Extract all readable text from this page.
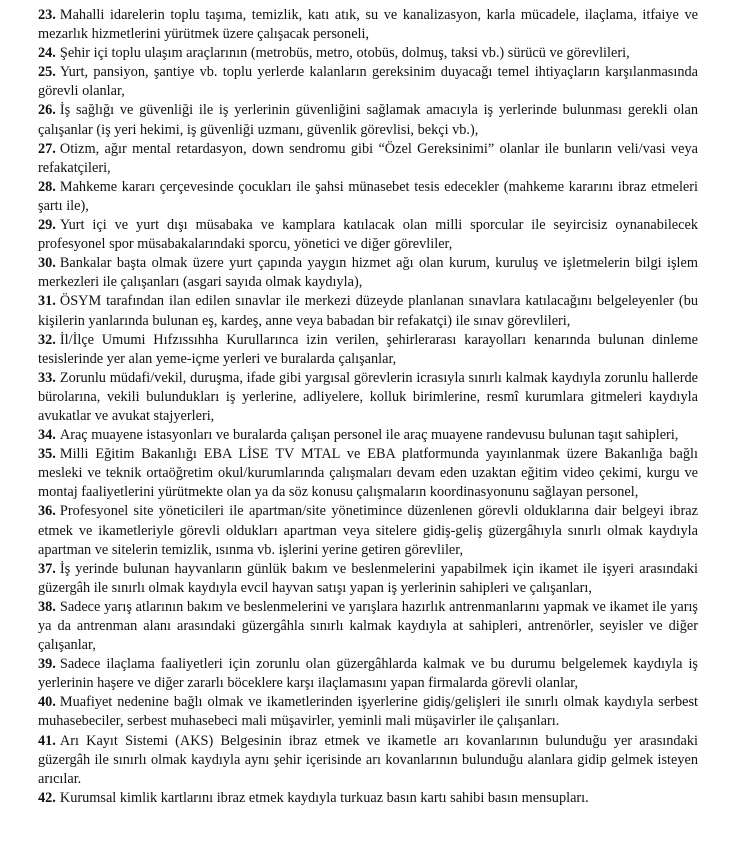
23. Mahalli idarelerin toplu taşıma, temizlik, katı atık, su ve kanalizasyon, karla mücadele, ilaçlama, itfaiye ve mezarlık hizmetlerini yürütmek üzere çalışacak personeli,

24. Şehir içi toplu ulaşım araçlarının (metrobüs, metro, otobüs, dolmuş, taksi vb.) sürücü ve görevlileri,

25. Yurt, pansiyon, şantiye vb. toplu yerlerde kalanların gereksinim duyacağı temel ihtiyaçların karşılanmasında görevli olanlar,

26. İş sağlığı ve güvenliği ile iş yerlerinin güvenliğini sağlamak amacıyla iş yerlerinde bulunması gerekli olan çalışanlar (iş yeri hekimi, iş güvenliği uzmanı, güvenlik görevlisi, bekçi vb.),

27. Otizm, ağır mental retardasyon, down sendromu gibi “Özel Gereksinimi” olanlar ile bunların veli/vasi veya refakatçileri,

28. Mahkeme kararı çerçevesinde çocukları ile şahsi münasebet tesis edecekler (mahkeme kararını ibraz etmeleri şartı ile),

29. Yurt içi ve yurt dışı müsabaka ve kamplara katılacak olan milli sporcular ile seyircisiz oynanabilecek profesyonel spor müsabakalarındaki sporcu, yönetici ve diğer görevliler,

30. Bankalar başta olmak üzere yurt çapında yaygın hizmet ağı olan kurum, kuruluş ve işletmelerin bilgi işlem merkezleri ile çalışanları (asgari sayıda olmak kaydıyla),

31. ÖSYM tarafından ilan edilen sınavlar ile merkezi düzeyde planlanan sınavlara katılacağını belgeleyenler (bu kişilerin yanlarında bulunan eş, kardeş, anne veya babadan bir refakatçi) ile sınav görevlileri,

32. İl/İlçe Umumi Hıfzıssıhha Kurullarınca izin verilen, şehirlerarası karayolları kenarında bulunan dinleme tesislerinde yer alan yeme-içme yerleri ve buralarda çalışanlar,

33. Zorunlu müdafi/vekil, duruşma, ifade gibi yargısal görevlerin icrasıyla sınırlı kalmak kaydıyla zorunlu hallerde bürolarına, vekili bulundukları iş yerlerine, adliyelere, kolluk birimlerine, resmî kurumlara gitmeleri kaydıyla avukatlar ve avukat stajyerleri,

34. Araç muayene istasyonları ve buralarda çalışan personel ile araç muayene randevusu bulunan taşıt sahipleri,

35. Milli Eğitim Bakanlığı EBA LİSE TV MTAL ve EBA platformunda yayınlanmak üzere Bakanlığa bağlı mesleki ve teknik ortaöğretim okul/kurumlarında çalışmaları devam eden uzaktan eğitim video çekimi, kurgu ve montaj faaliyetlerini yürütmekte olan ya da söz konusu çalışmaların koordinasyonunu sağlayan personel,

36. Profesyonel site yöneticileri ile apartman/site yönetimince düzenlenen görevli olduklarına dair belgeyi ibraz etmek ve ikametleriyle görevli oldukları apartman veya sitelere gidiş-geliş güzergâhıyla sınırlı olmak kaydıyla apartman ve sitelerin temizlik, ısınma vb. işlerini yerine getiren görevliler,

37. İş yerinde bulunan hayvanların günlük bakım ve beslenmelerini yapabilmek için ikamet ile işyeri arasındaki güzergâh ile sınırlı olmak kaydıyla evcil hayvan satışı yapan iş yerlerinin sahipleri ve çalışanları,

38. Sadece yarış atlarının bakım ve beslenmelerini ve yarışlara hazırlık antrenmanlarını yapmak ve ikamet ile yarış ya da antrenman alanı arasındaki güzergâhla sınırlı kalmak kaydıyla at sahipleri, antrenörler, seyisler ve diğer çalışanlar,

39. Sadece ilaçlama faaliyetleri için zorunlu olan güzergâhlarda kalmak ve bu durumu belgelemek kaydıyla iş yerlerinin haşere ve diğer zararlı böceklere karşı ilaçlamasını yapan firmalarda görevli olanlar,

40. Muafiyet nedenine bağlı olmak ve ikametlerinden işyerlerine gidiş/gelişleri ile sınırlı olmak kaydıyla serbest muhasebeciler, serbest muhasebeci mali müşavirler, yeminli mali müşavirler ile çalışanları.

41. Arı Kayıt Sistemi (AKS) Belgesinin ibraz etmek ve ikametle arı kovanlarının bulunduğu yer arasındaki güzergâh ile sınırlı olmak kaydıyla aynı şehir içerisinde arı kovanlarının bulunduğu alanlara gidip gelmek isteyen arıcılar.

42. Kurumsal kimlik kartlarını ibraz etmek kaydıyla turkuaz basın kartı sahibi basın mensupları.
